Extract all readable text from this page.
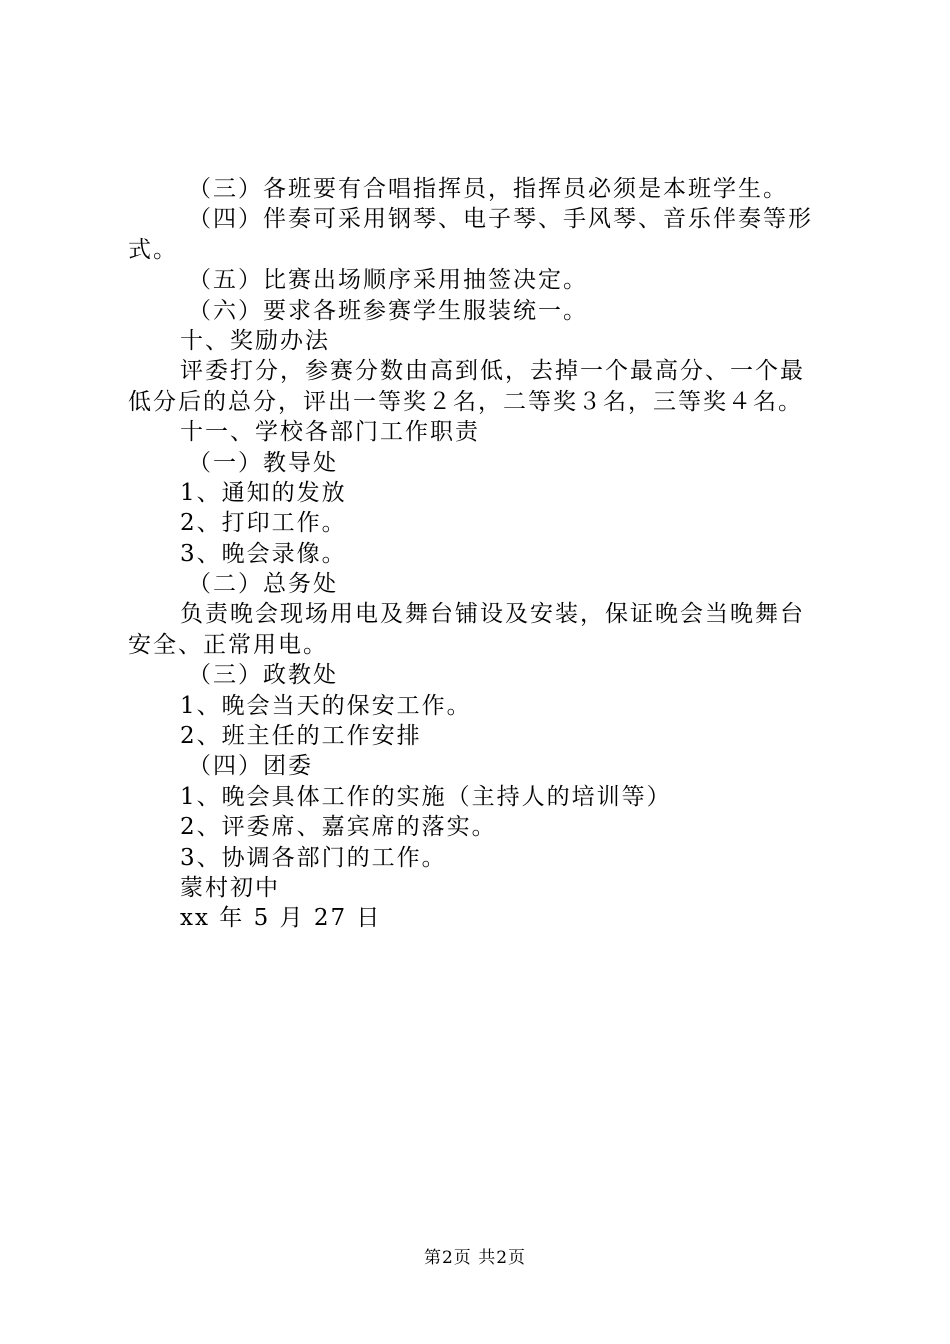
（三）各班要有合唱指挥员，指挥员必须是本班学生。
（四）伴奏可采用钢琴、电子琴、手风琴、音乐伴奏等形
式。
（五）比赛出场顺序采用抽签决定。
（六）要求各班参赛学生服装统一。
十、奖励办法
评委打分，参赛分数由高到低，去掉一个最高分、一个最
低分后的总分，评出一等奖２名，二等奖３名，三等奖４名。
十一、学校各部门工作职责
（一）教导处
1、通知的发放
2、打印工作。
3、晚会录像。
（二）总务处
负责晚会现场用电及舞台铺设及安装，保证晚会当晚舞台
安全、正常用电。
（三）政教处
1、晚会当天的保安工作。
2、班主任的工作安排
（四）团委
1、晚会具体工作的实施（主持人的培训等）
2、评委席、嘉宾席的落实。
3、协调各部门的工作。
蒙村初中
xx 年 5 月 27 日
第2页 共2页
